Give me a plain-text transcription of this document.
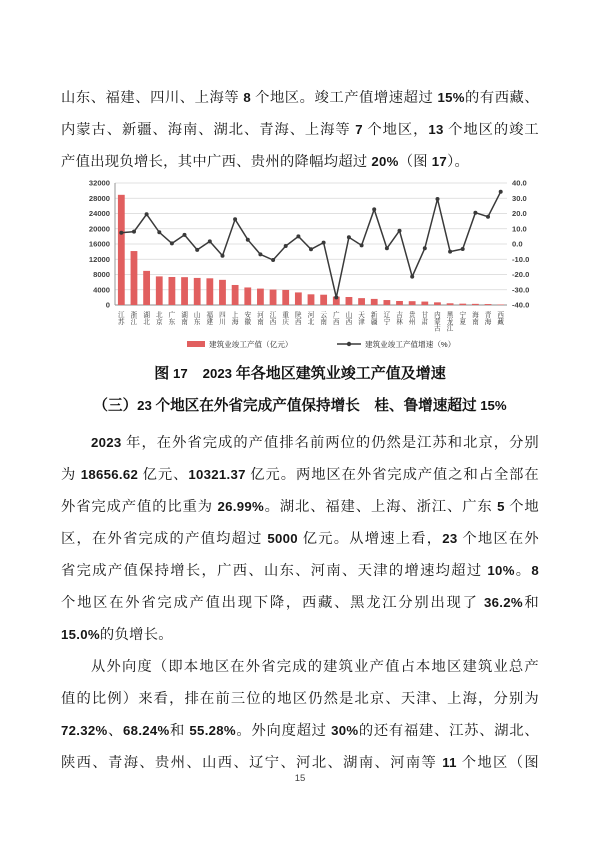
山东、福建、四川、上海等 8 个地区。竣工产值增速超过 15%的有西藏、
内蒙古、新疆、海南、湖北、青海、上海等 7 个地区，13 个地区的竣工
产值出现负增长，其中广西、贵州的降幅均超过 20%（图 17）。
0	-40.0
4000	-30.0
8000	-20.0
12000	-10.0
16000	0.0
20000	10.0
24000	20.0
28000	30.0
32000	40.0
江
苏
浙
江
湖
北
北
京
广
东
湖
南
山
东
福
建
四
川
上
海
安
徽
河
南
江
西
重
庆
陕
西
河
北
云
南
广
西
山
西
天
津
新
疆
辽
宁
吉
林
贵
州
甘
肃
内
蒙
古
黑
龙
江
宁
夏
海
南
青
海
西
藏
建筑业竣工产值（亿元）	建筑业竣工产值增速（%）
图 17　 2023 年各地区建筑业竣工产值及增速
（三）23 个地区在外省完成产值保持增长　桂、鲁增速超过 15%
2023 年，在外省完成的产值排名前两位的仍然是江苏和北京，分别
为 18656.62 亿元、10321.37 亿元。两地区在外省完成产值之和占全部在
外省完成产值的比重为 26.99%。湖北、福建、上海、浙江、广东 5 个地
区，在外省完成的产值均超过 5000 亿元。从增速上看，23 个地区在外
省完成产值保持增长，广西、山东、河南、天津的增速均超过 10%。8
个地区在外省完成产值出现下降，西藏、黑龙江分别出现了 36.2%和
15.0%的负增长。
从外向度（即本地区在外省完成的建筑业产值占本地区建筑业总产
值的比例）来看，排在前三位的地区仍然是北京、天津、上海，分别为
72.32%、68.24%和 55.28%。外向度超过 30%的还有福建、江苏、湖北、
陕西、青海、贵州、山西、辽宁、河北、湖南、河南等 11 个地区（图
15
